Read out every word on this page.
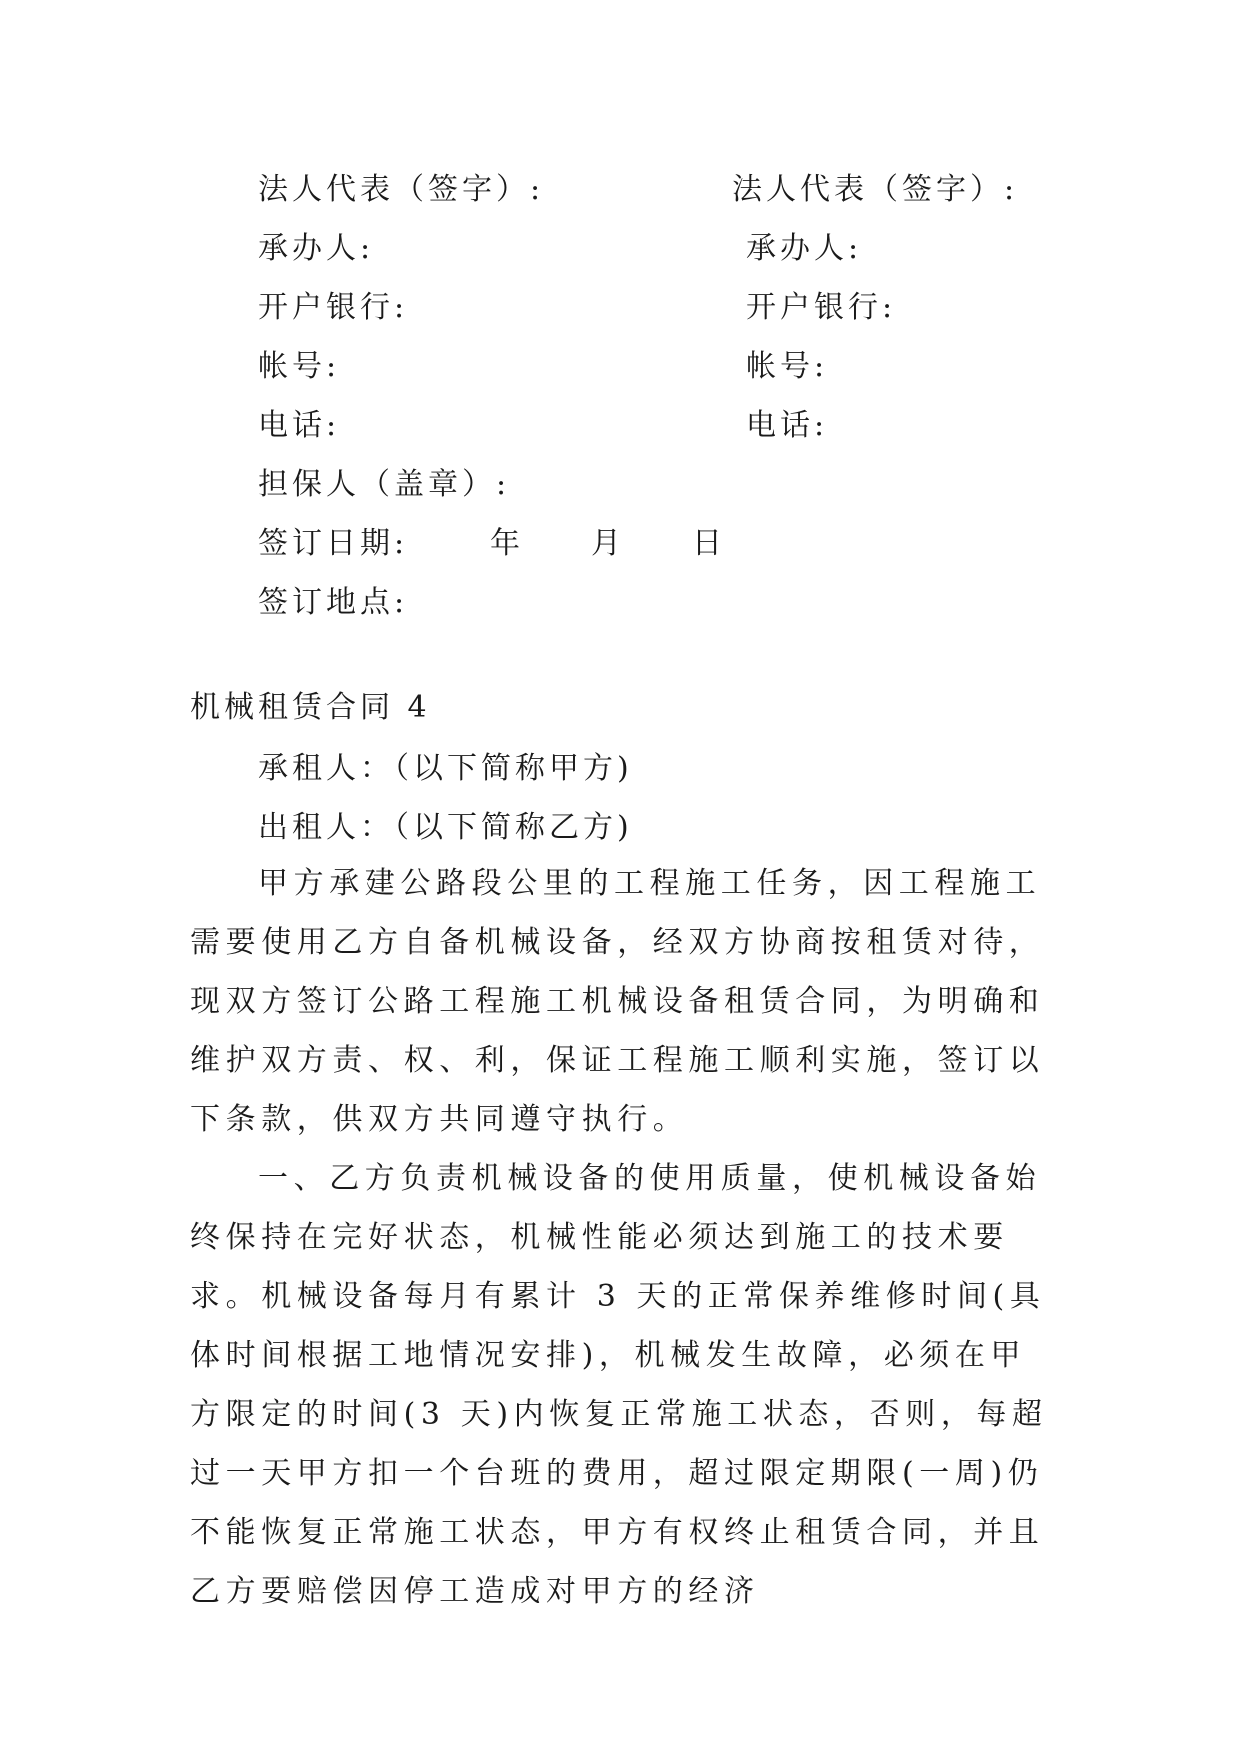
法人代表（签字）:	法人代表（签字）:
承办人:	承办人:
开户银行:	开户银行:
帐号:	帐号:
电话:	电话:
担保人（盖章）:
签订日期:	年 月 日
签订地点:
机械租赁合同 4
承租人：（以下简称甲方)
出租人：（以下简称乙方)

甲方承建公路段公里的工程施工任务，因工程施工需要使用乙方自备机械设备，经双方协商按租赁对待，现双方签订公路工程施工机械设备租赁合同，为明确和维护双方责、权、利，保证工程施工顺利实施，签订以下条款，供双方共同遵守执行。

一、乙方负责机械设备的使用质量，使机械设备始终保持在完好状态，机械性能必须达到施工的技术要求。机械设备每月有累计 3 天的正常保养维修时间(具体时间根据工地情况安排)，机械发生故障，必须在甲方限定的时间(3 天)内恢复正常施工状态，否则，每超过一天甲方扣一个台班的费用，超过限定期限(一周)仍不能恢复正常施工状态，甲方有权终止租赁合同，并且乙方要赔偿因停工造成对甲方的经济
